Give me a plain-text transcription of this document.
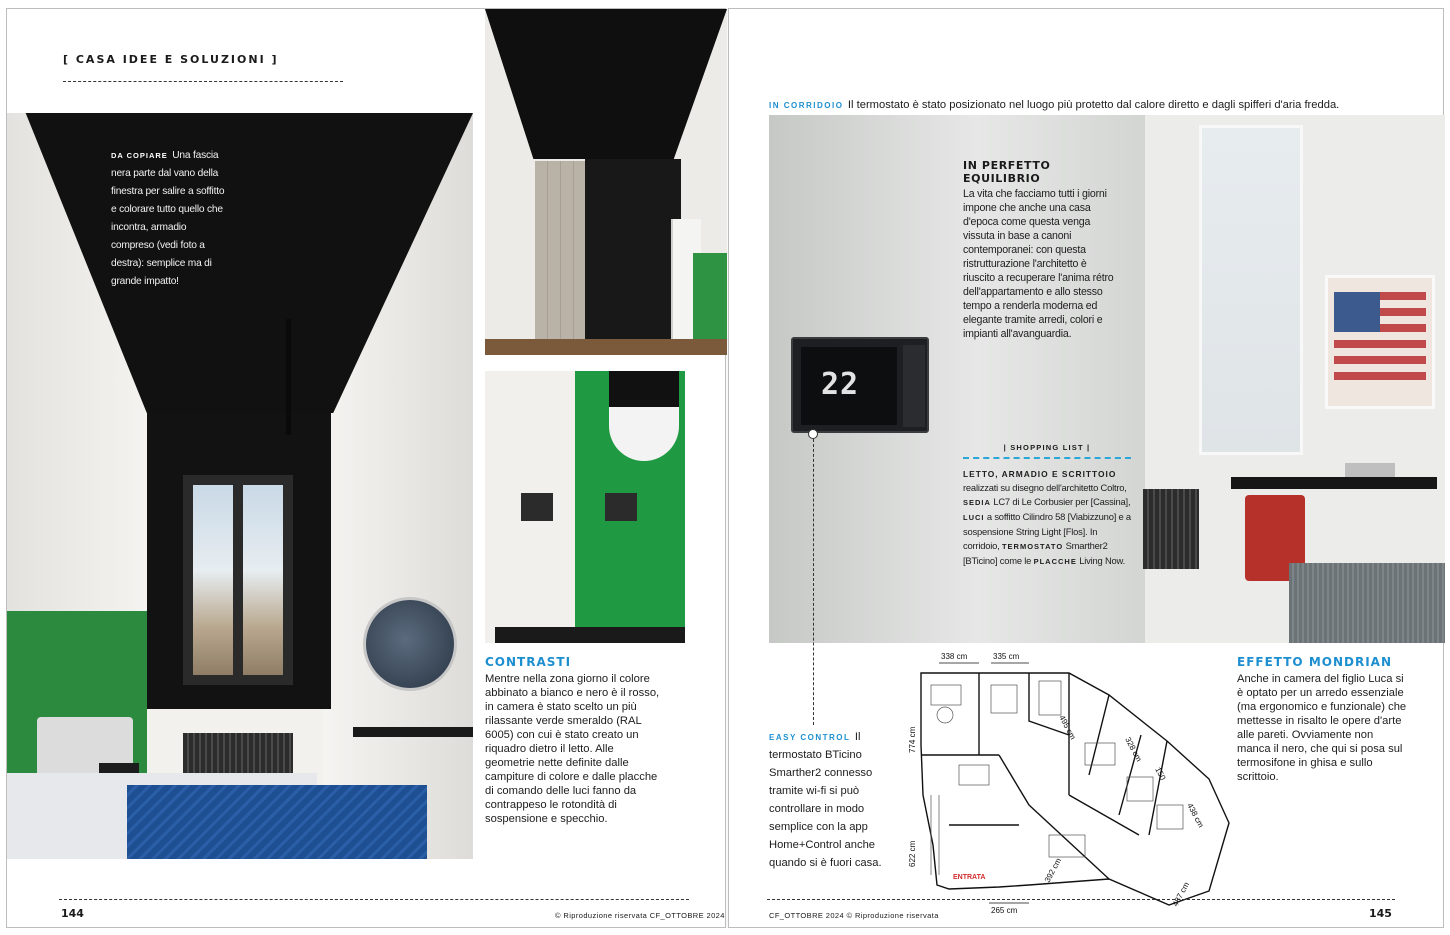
[ CASA IDEE E SOLUZIONI ]
DA COPIARE Una fascia nera parte dal vano della finestra per salire a soffitto e colorare tutto quello che incontra, armadio compreso (vedi foto a destra): semplice ma di grande impatto!
CONTRASTI
Mentre nella zona giorno il colore abbinato a bianco e nero è il rosso, in camera è stato scelto un più rilassante verde smeraldo (RAL 6005) con cui è stato creato un riquadro dietro il letto. Alle geometrie nette definite dalle campiture di colore e dalle placche di comando delle luci fanno da contrappeso le rotondità di sospensione e specchio.
144	© Riproduzione riservata CF_OTTOBRE 2024
IN CORRIDOIO Il termostato è stato posizionato nel luogo più protetto dal calore diretto e dagli spifferi d'aria fredda.
22
IN PERFETTO EQUILIBRIO
La vita che facciamo tutti i giorni impone che anche una casa d'epoca come questa venga vissuta in base a canoni contemporanei: con questa ristrutturazione l'architetto è riuscito a recuperare l'anima rétro dell'appartamento e allo stesso tempo a renderla moderna ed elegante tramite arredi, colori e impianti all'avanguardia.
| SHOPPING LIST |
LETTO, ARMADIO E SCRITTOIO
realizzati su disegno dell'architetto Coltro, SEDIA LC7 di Le Corbusier per [Cassina], LUCI a soffitto Cilindro 58 [Viabizzuno] e a sospensione String Light [Flos]. In corridoio, TERMOSTATO Smarther2 [BTicino] come le PLACCHE Living Now.
EASY CONTROL Il termostato BTicino Smarther2 connesso tramite wi-fi si può controllare in modo semplice con la app Home+Control anche quando si è fuori casa.
338 cm	335 cm
495 cm
328 cm
150
438 cm
774 cm
622 cm
392 cm
487 cm
265 cm
ENTRATA
EFFETTO MONDRIAN
Anche in camera del figlio Luca si è optato per un arredo essenziale (ma ergonomico e funzionale) che mettesse in risalto le opere d'arte alle pareti. Ovviamente non manca il nero, che qui si posa sul termosifone in ghisa e sullo scrittoio.
CF_OTTOBRE 2024 © Riproduzione riservata	145
